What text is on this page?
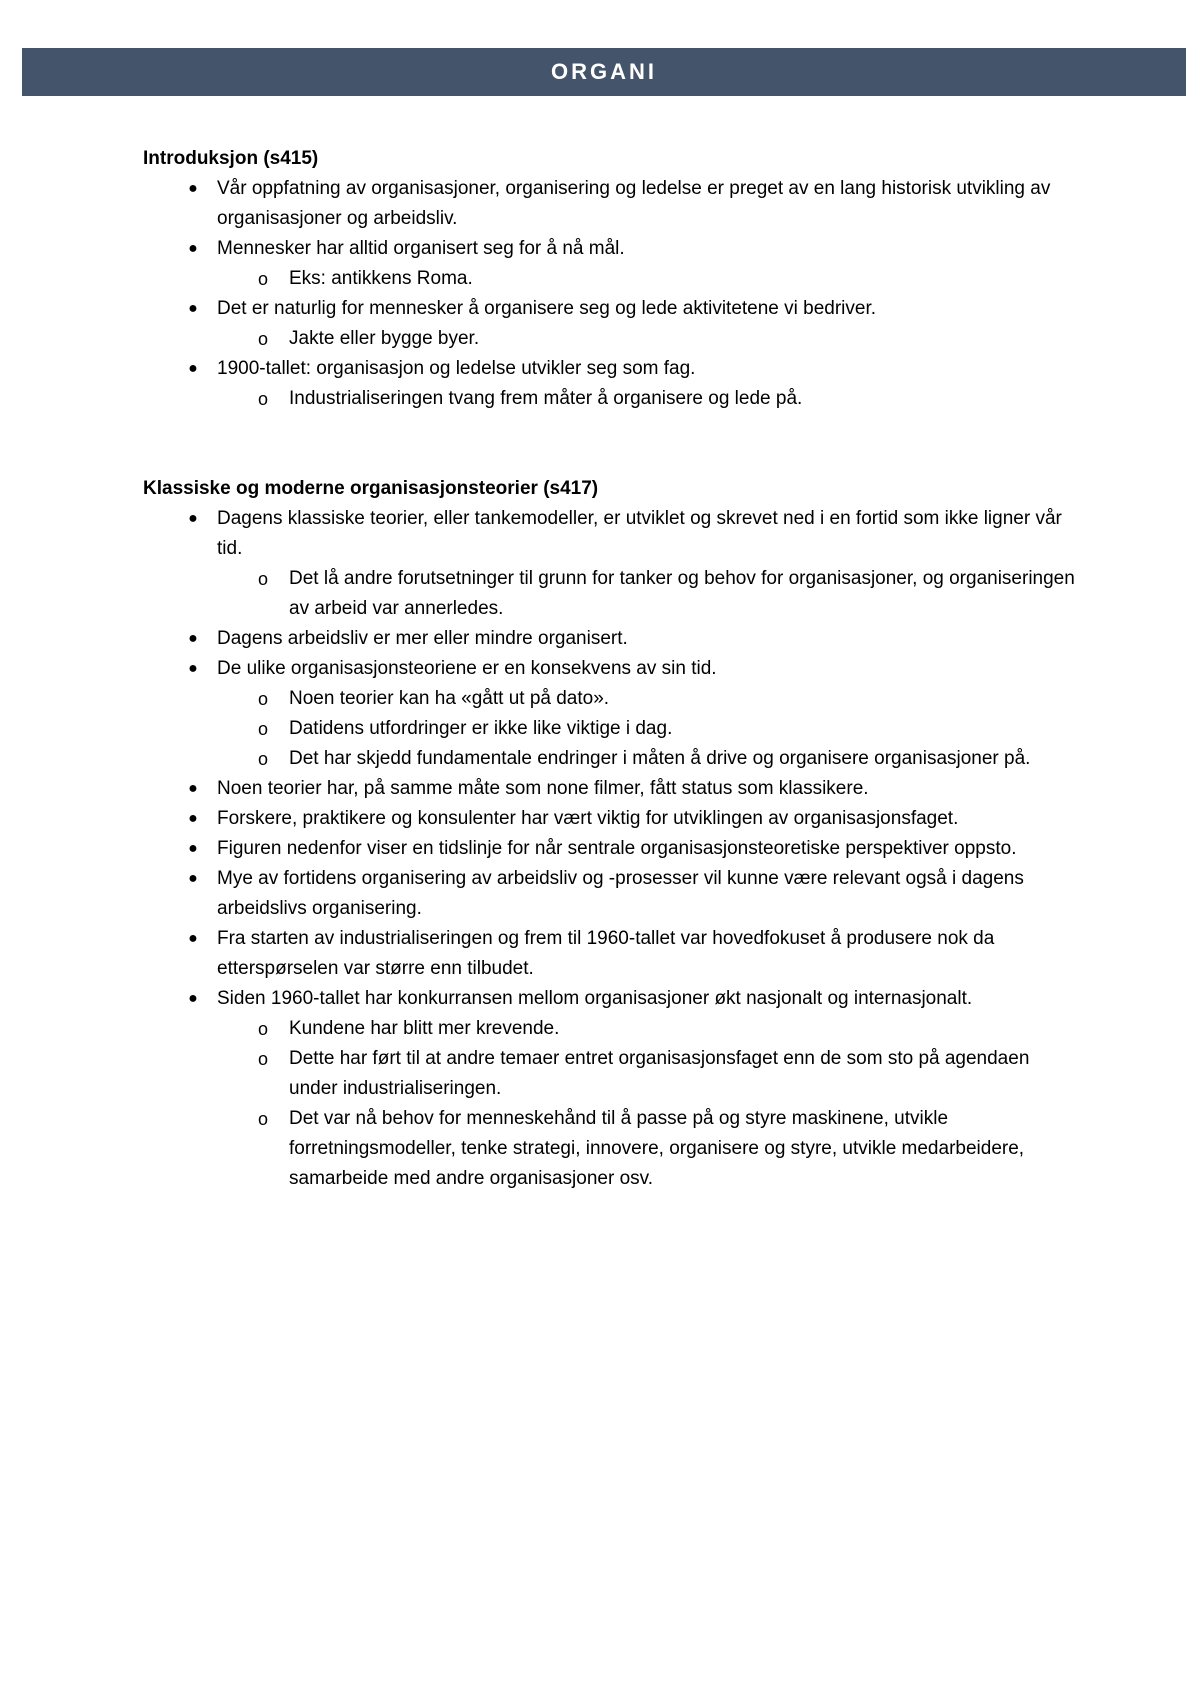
ORGANI

Introduksjon (s415)

● Vår oppfatning av organisasjoner, organisering og ledelse er preget av en lang historisk utvikling av organisasjoner og arbeidsliv.
● Mennesker har alltid organisert seg for å nå mål.
o Eks: antikkens Roma.
● Det er naturlig for mennesker å organisere seg og lede aktivitetene vi bedriver.
o Jakte eller bygge byer.
● 1900-tallet: organisasjon og ledelse utvikler seg som fag.
o Industrialiseringen tvang frem måter å organisere og lede på.

Klassiske og moderne organisasjonsteorier (s417)

● Dagens klassiske teorier, eller tankemodeller, er utviklet og skrevet ned i en fortid som ikke ligner vår tid.
o Det lå andre forutsetninger til grunn for tanker og behov for organisasjoner, og organiseringen av arbeid var annerledes.
● Dagens arbeidsliv er mer eller mindre organisert.
● De ulike organisasjonsteoriene er en konsekvens av sin tid.
o Noen teorier kan ha «gått ut på dato».
o Datidens utfordringer er ikke like viktige i dag.
o Det har skjedd fundamentale endringer i måten å drive og organisere organisasjoner på.
● Noen teorier har, på samme måte som none filmer, fått status som klassikere.
● Forskere, praktikere og konsulenter har vært viktig for utviklingen av organisasjonsfaget.
● Figuren nedenfor viser en tidslinje for når sentrale organisasjonsteoretiske perspektiver oppsto.
● Mye av fortidens organisering av arbeidsliv og -prosesser vil kunne være relevant også i dagens arbeidslivs organisering.
● Fra starten av industrialiseringen og frem til 1960-tallet var hovedfokuset å produsere nok da etterspørselen var større enn tilbudet.
● Siden 1960-tallet har konkurransen mellom organisasjoner økt nasjonalt og internasjonalt.
o Kundene har blitt mer krevende.
o Dette har ført til at andre temaer entret organisasjonsfaget enn de som sto på agendaen under industrialiseringen.
o Det var nå behov for menneskehånd til å passe på og styre maskinene, utvikle forretningsmodeller, tenke strategi, innovere, organisere og styre, utvikle medarbeidere, samarbeide med andre organisasjoner osv.
